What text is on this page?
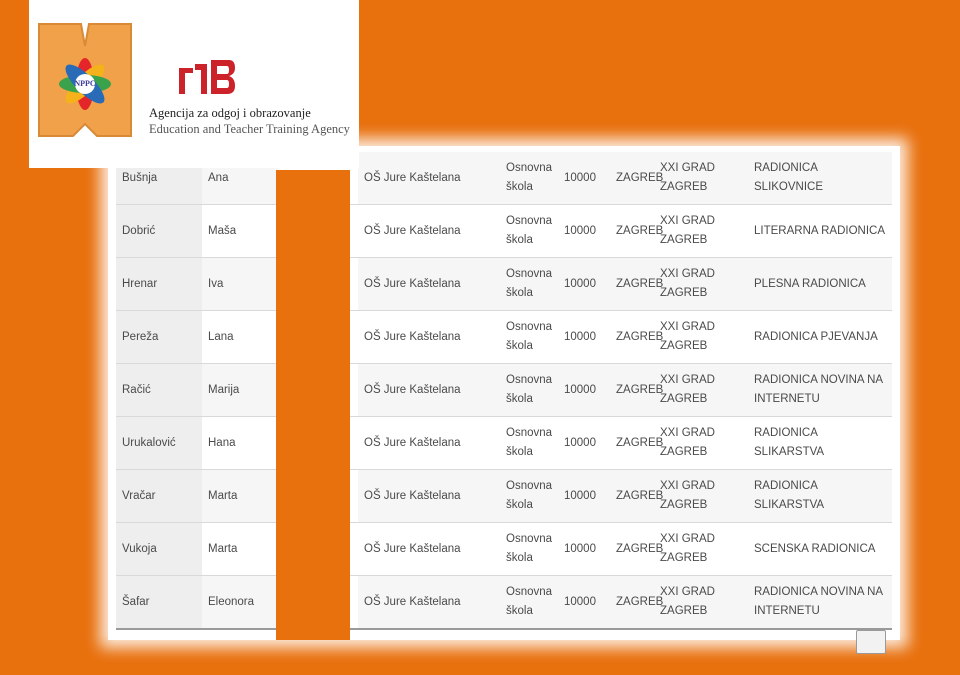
Bušnja	Ana		OŠ Jure Kaštelana	Osnovna škola	10000	ZAGREB	XXI GRAD ZAGREB	RADIONICA SLIKOVNICE
Dobrić	Maša		OŠ Jure Kaštelana	Osnovna škola	10000	ZAGREB	XXI GRAD ZAGREB	LITERARNA RADIONICA
Hrenar	Iva		OŠ Jure Kaštelana	Osnovna škola	10000	ZAGREB	XXI GRAD ZAGREB	PLESNA RADIONICA
Pereža	Lana		OŠ Jure Kaštelana	Osnovna škola	10000	ZAGREB	XXI GRAD ZAGREB	RADIONICA PJEVANJA
Račić	Marija		OŠ Jure Kaštelana	Osnovna škola	10000	ZAGREB	XXI GRAD ZAGREB	RADIONICA NOVINA NA INTERNETU
Urukalović	Hana		OŠ Jure Kaštelana	Osnovna škola	10000	ZAGREB	XXI GRAD ZAGREB	RADIONICA SLIKARSTVA
Vračar	Marta		OŠ Jure Kaštelana	Osnovna škola	10000	ZAGREB	XXI GRAD ZAGREB	RADIONICA SLIKARSTVA
Vukoja	Marta		OŠ Jure Kaštelana	Osnovna škola	10000	ZAGREB	XXI GRAD ZAGREB	SCENSKA RADIONICA
Šafar	Eleonora		OŠ Jure Kaštelana	Osnovna škola	10000	ZAGREB	XXI GRAD ZAGREB	RADIONICA NOVINA NA INTERNETU
NPPC
Agencija za odgoj i obrazovanje
Education and Teacher Training Agency
